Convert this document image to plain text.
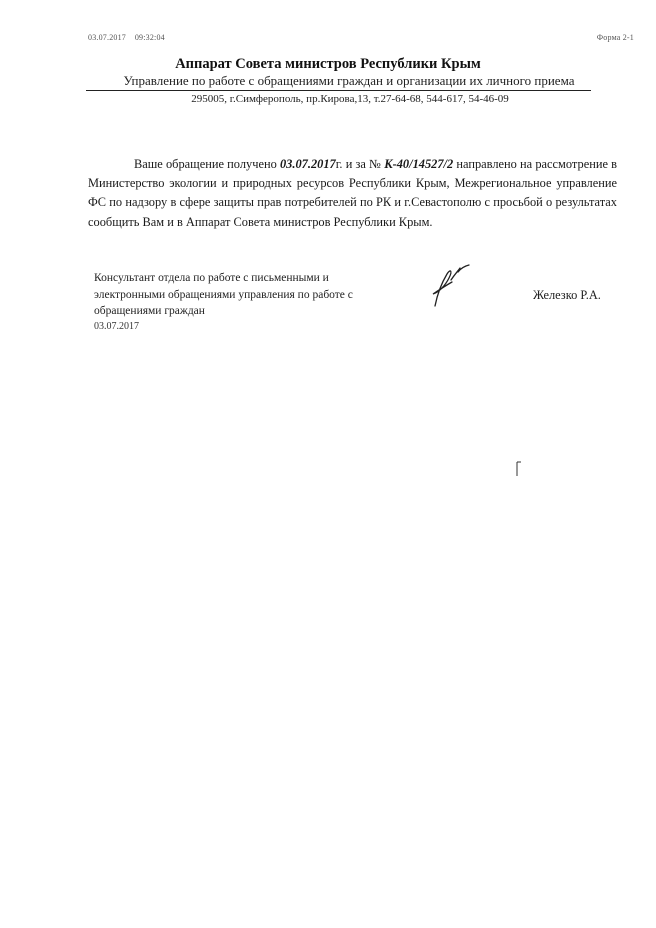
03.07.2017 09:32:04	Форма 2-1
Аппарат Совета министров Республики Крым
Управление по работе с обращениями граждан и организации их личного приема
295005, г.Симферополь, пр.Кирова,13, т.27-64-68, 544-617, 54-46-09
Ваше обращение получено 03.07.2017г. и за № К-40/14527/2 направлено на рассмотрение в Министерство экологии и природных ресурсов Республики Крым, Межрегиональное управление ФС по надзору в сфере защиты прав потребителей по РК и г.Севастополю с просьбой о результатах сообщить Вам и в Аппарат Совета министров Республики Крым.
Консультант отдела по работе с письменными и электронными обращениями управления по работе с обращениями граждан
03.07.2017
Железко Р.А.
